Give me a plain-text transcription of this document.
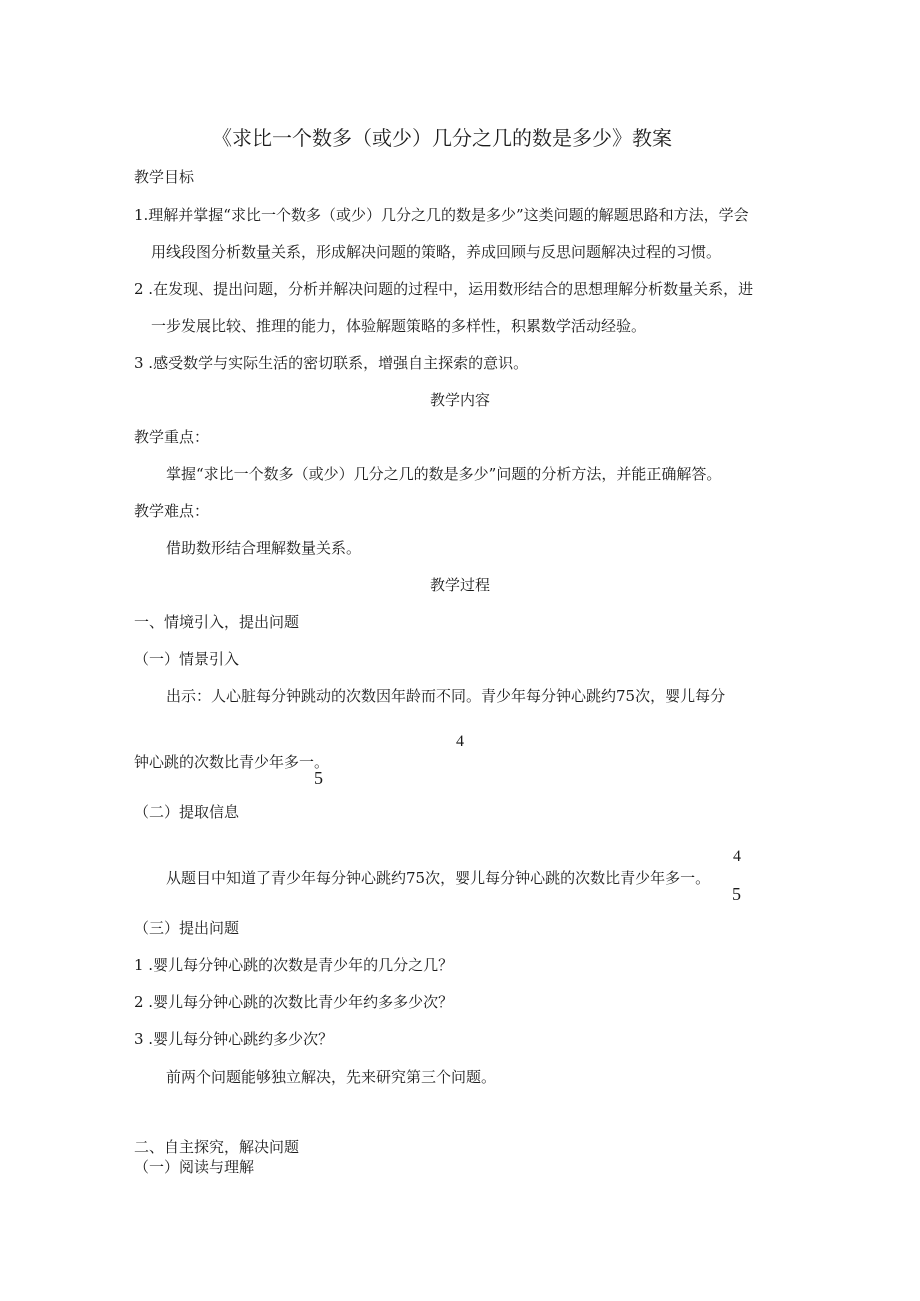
《求比一个数多（或少）几分之几的数是多少》教案
教学目标
1.理解并掌握“求比一个数多（或少）几分之几的数是多少”这类问题的解题思路和方法，学会
用线段图分析数量关系，形成解决问题的策略，养成回顾与反思问题解决过程的习惯。
2 .在发现、提出问题，分析并解决问题的过程中，运用数形结合的思想理解分析数量关系，进
一步发展比较、推理的能力，体验解题策略的多样性，积累数学活动经验。
3 .感受数学与实际生活的密切联系，增强自主探索的意识。
教学内容
教学重点：
掌握“求比一个数多（或少）几分之几的数是多少”问题的分析方法，并能正确解答。
教学难点：
借助数形结合理解数量关系。
教学过程
一、情境引入，提出问题
（一）情景引入
出示：人心脏每分钟跳动的次数因年龄而不同。青少年每分钟心跳约75次，婴儿每分
4
钟心跳的次数比青少年多一。
5
（二）提取信息
4
从题目中知道了青少年每分钟心跳约75次，婴儿每分钟心跳的次数比青少年多一。
5
（三）提出问题
1 .婴儿每分钟心跳的次数是青少年的几分之几？
2 .婴儿每分钟心跳的次数比青少年约多多少次？
3 .婴儿每分钟心跳约多少次？
前两个问题能够独立解决，先来研究第三个问题。
二、自主探究，解决问题
（一）阅读与理解
